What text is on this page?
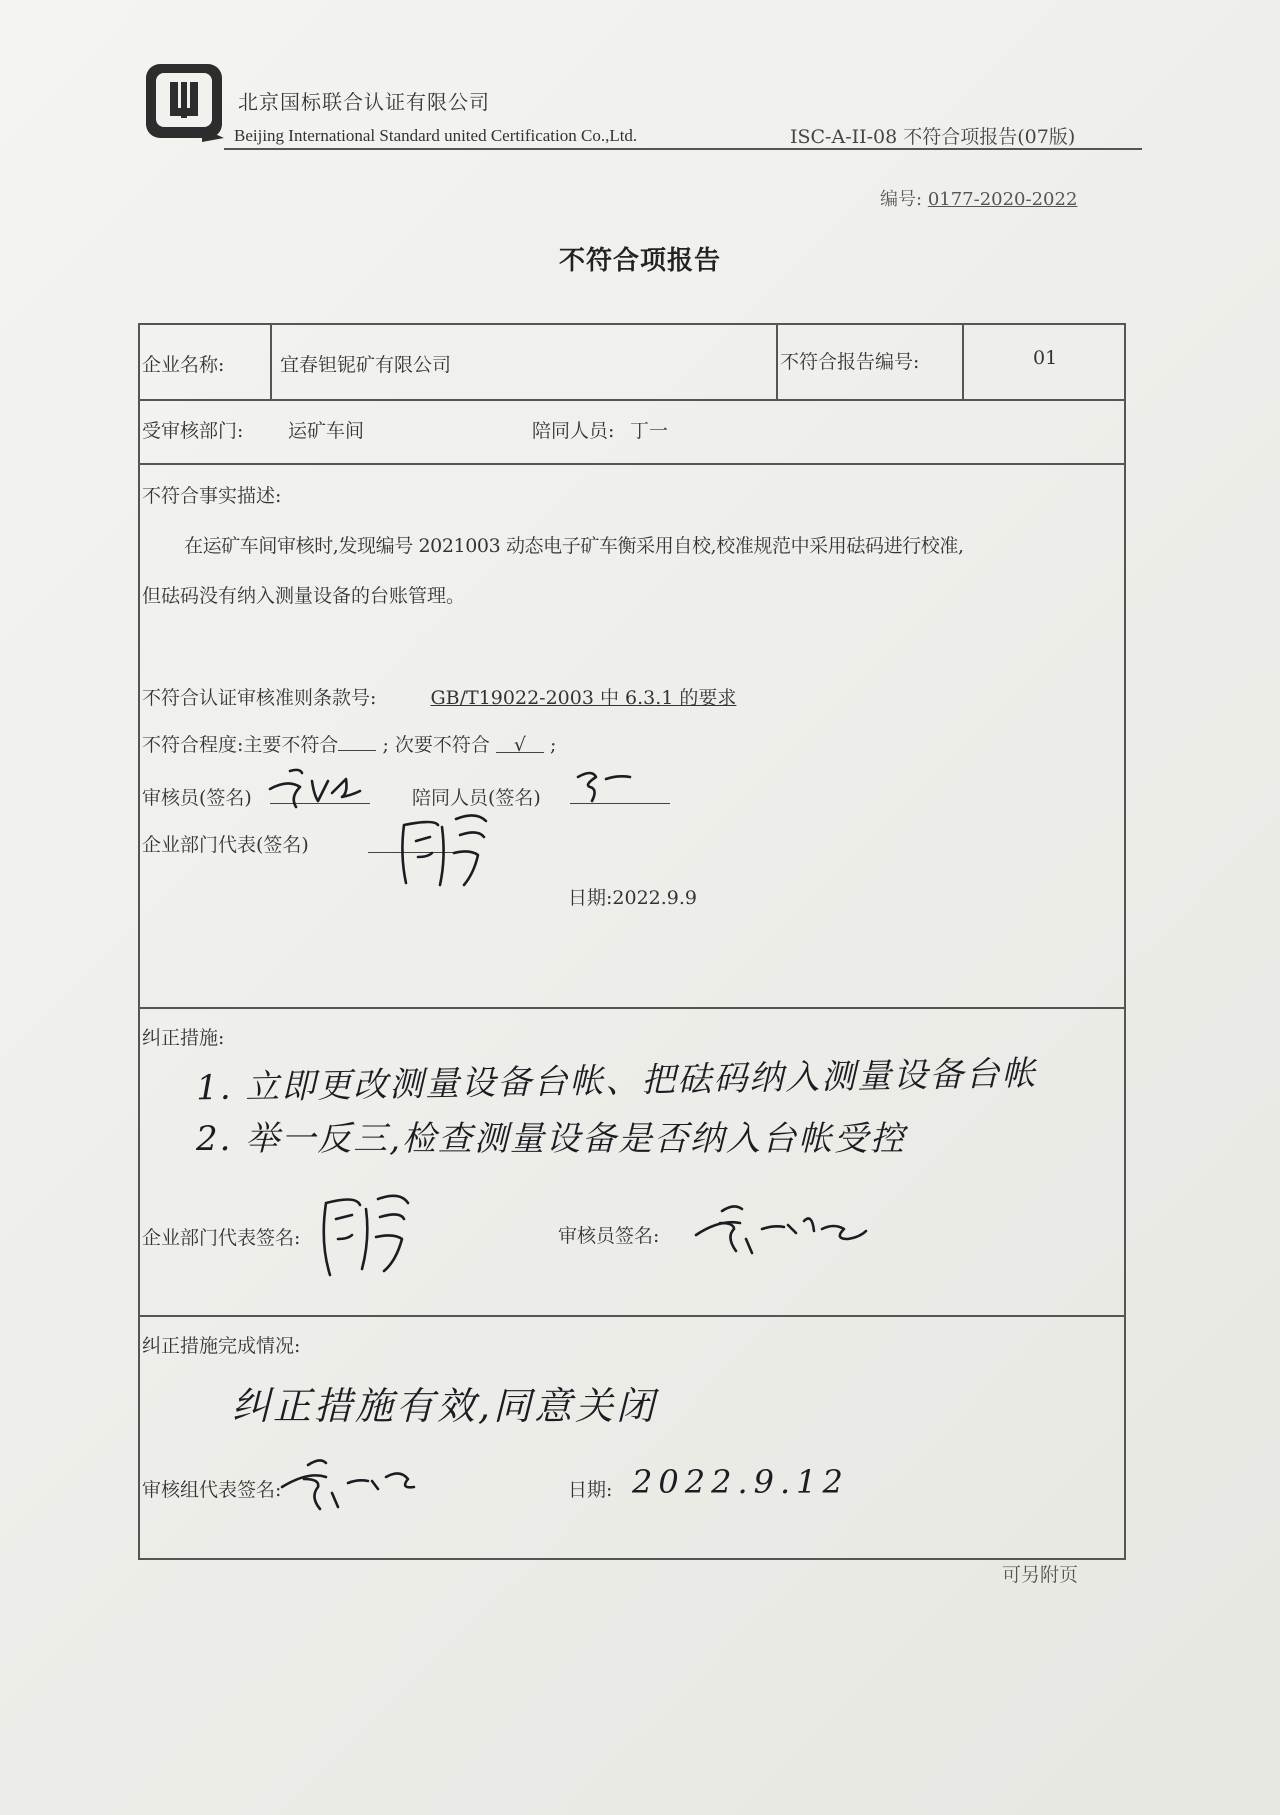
北京国标联合认证有限公司
Beijing International Standard united Certification Co.,Ltd.	ISC-A-II-08 不符合项报告(07版)
编号: 0177-2020-2022
不符合项报告
企业名称:	宜春钽铌矿有限公司	不符合报告编号:	01
受审核部门: 运矿车间	陪同人员: 丁一
不符合事实描述:
在运矿车间审核时,发现编号 2021003 动态电子矿车衡采用自校,校准规范中采用砝码进行校准,
但砝码没有纳入测量设备的台账管理。
不符合认证审核准则条款号:	GB/T19022-2003 中 6.3.1 的要求
不符合程度:主要不符合 ; 次要不符合 √ ;
审核员(签名)	陪同人员(签名)
企业部门代表(签名)
日期:2022.9.9
纠正措施:
1. 立即更改测量设备台帐、把砝码纳入测量设备台帐
2. 举一反三,检查测量设备是否纳入台帐受控
企业部门代表签名:	审核员签名:
纠正措施完成情况:
纠正措施有效,同意关闭
审核组代表签名:	日期: 2022.9.12
可另附页
